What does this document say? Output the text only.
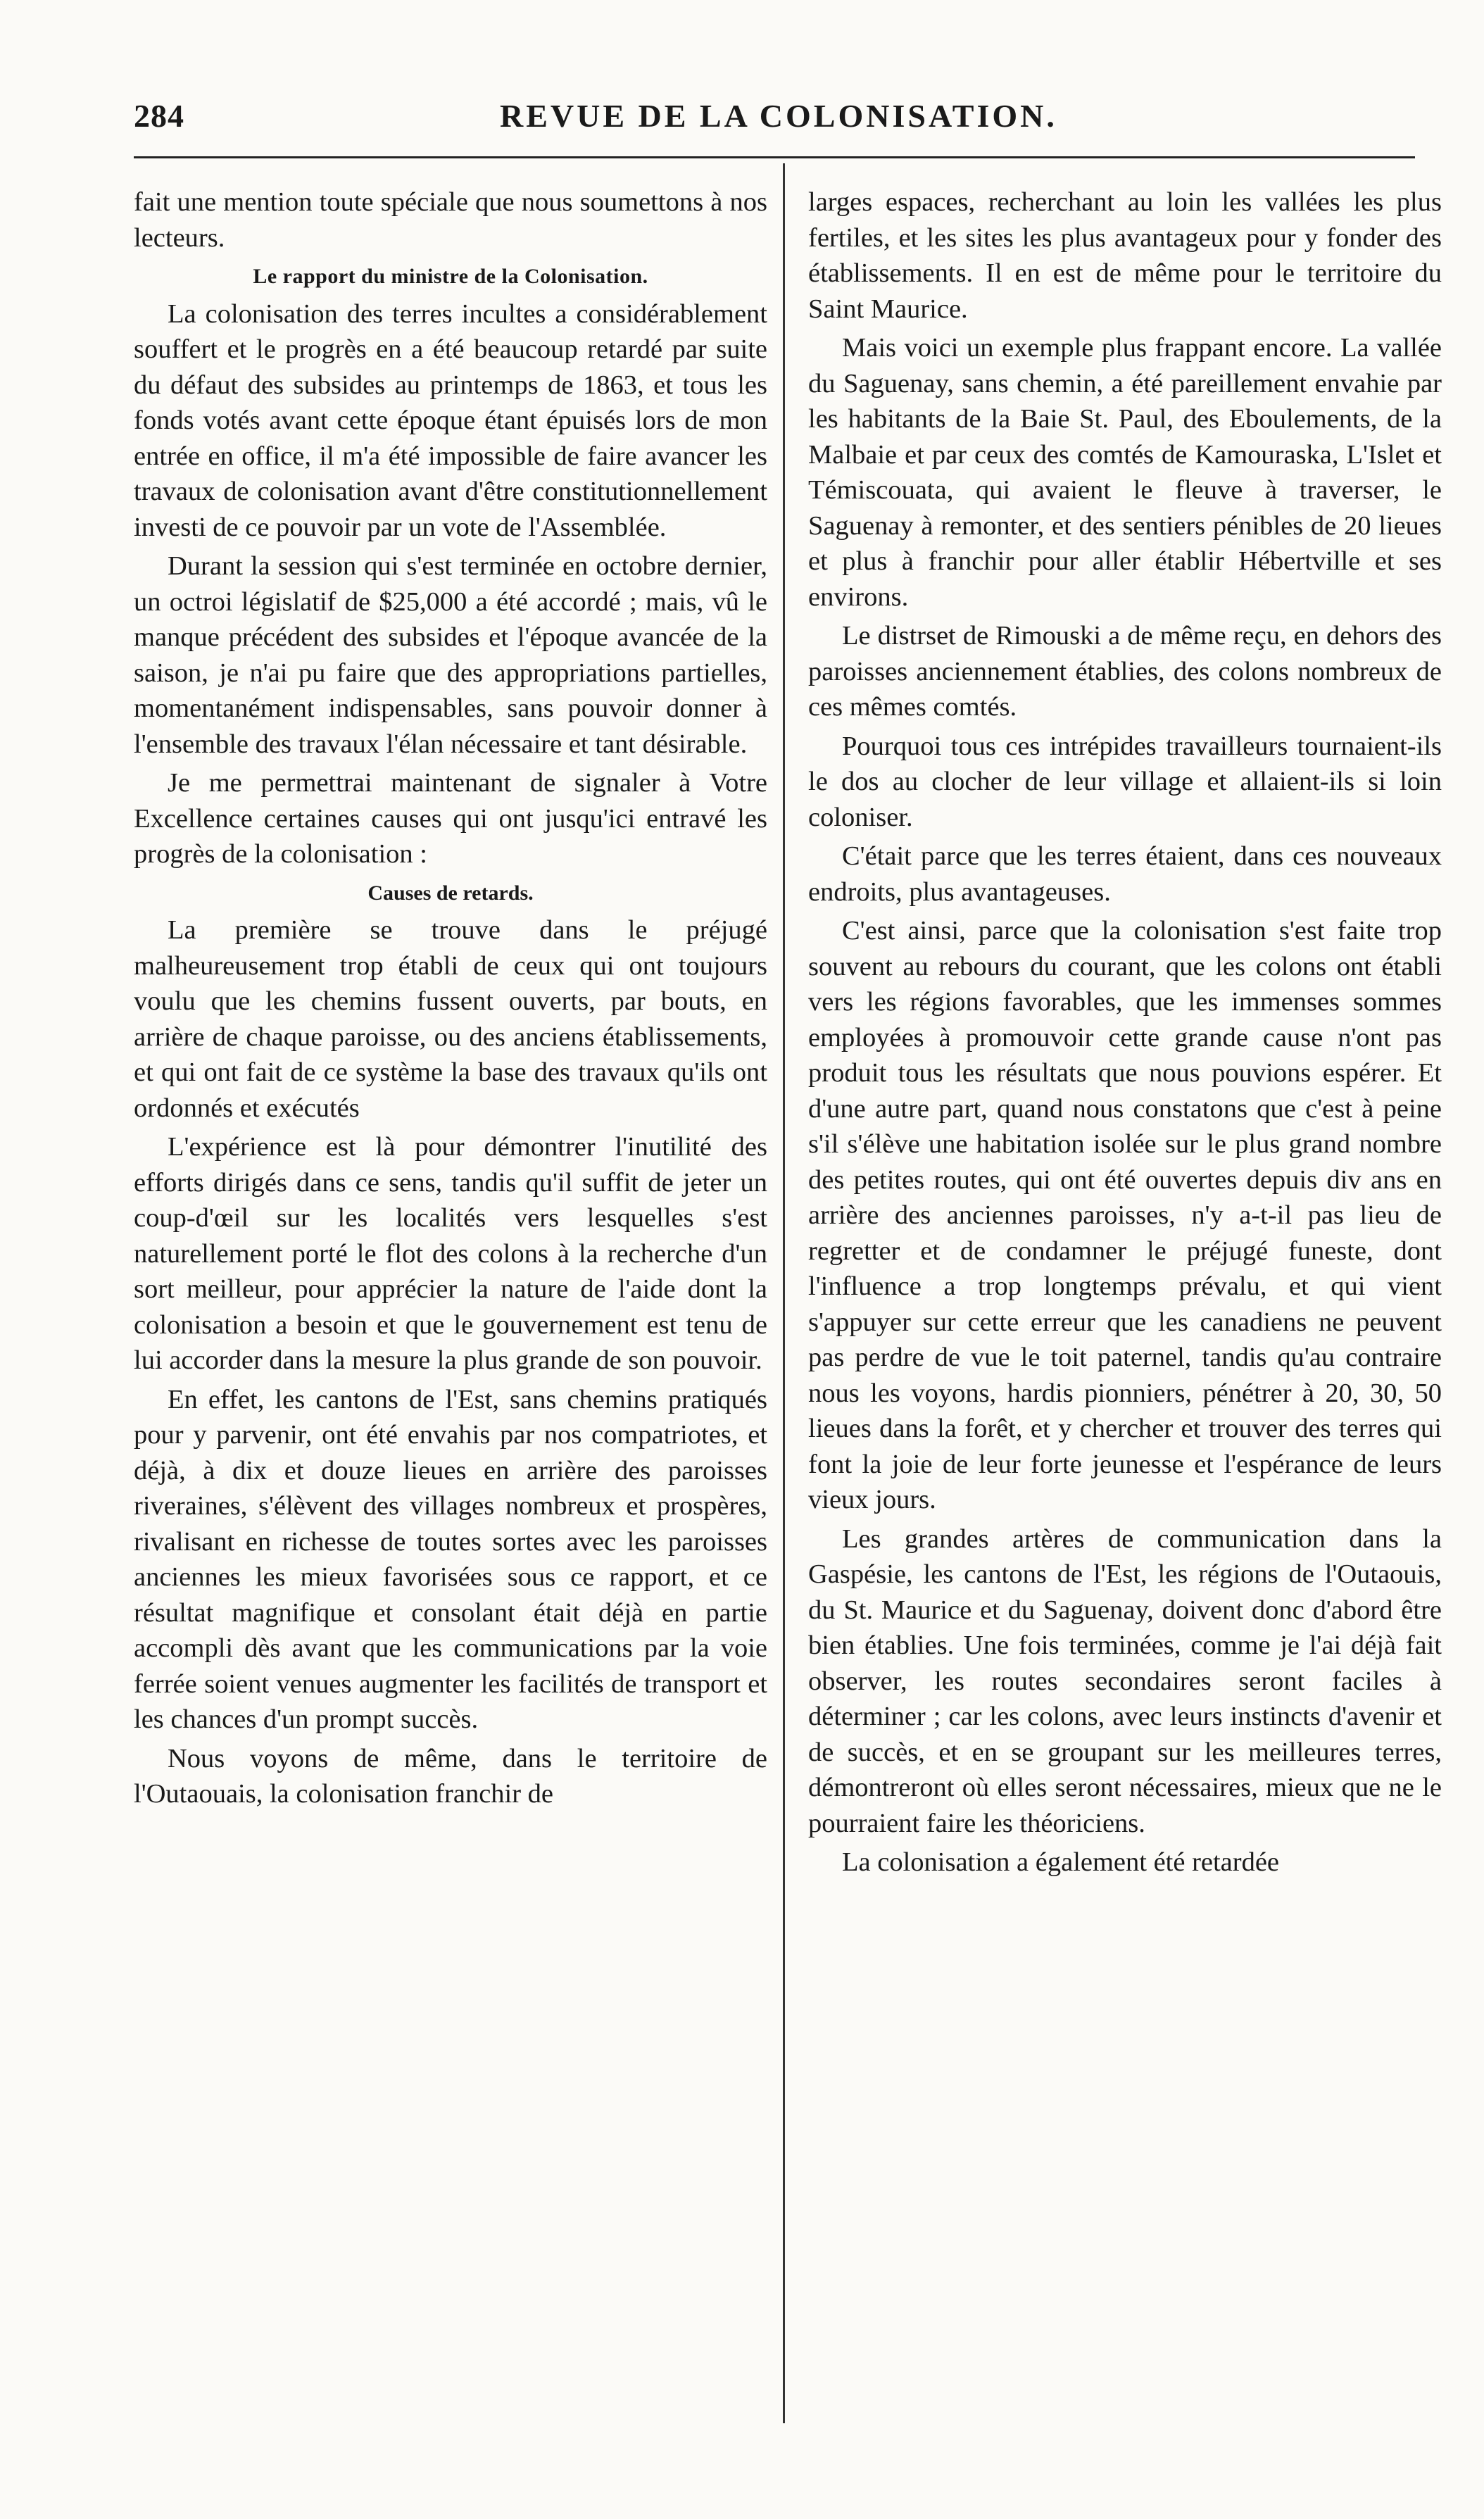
284	REVUE DE LA COLONISATION.

fait une mention toute spéciale que nous soumettons à nos lecteurs.

Le rapport du ministre de la Colonisation.

La colonisation des terres incultes a considérablement souffert et le progrès en a été beaucoup retardé par suite du défaut des subsides au printemps de 1863, et tous les fonds votés avant cette époque étant épuisés lors de mon entrée en office, il m'a été impossible de faire avancer les travaux de colonisation avant d'être constitutionnellement investi de ce pouvoir par un vote de l'Assemblée.

Durant la session qui s'est terminée en octobre dernier, un octroi législatif de $25,000 a été accordé ; mais, vû le manque précédent des subsides et l'époque avancée de la saison, je n'ai pu faire que des appropriations partielles, momentanément indispensables, sans pouvoir donner à l'ensemble des travaux l'élan nécessaire et tant désirable.

Je me permettrai maintenant de signaler à Votre Excellence certaines causes qui ont jusqu'ici entravé les progrès de la colonisation :

Causes de retards.

La première se trouve dans le préjugé malheureusement trop établi de ceux qui ont toujours voulu que les chemins fussent ouverts, par bouts, en arrière de chaque paroisse, ou des anciens établissements, et qui ont fait de ce système la base des travaux qu'ils ont ordonnés et exécutés

L'expérience est là pour démontrer l'inutilité des efforts dirigés dans ce sens, tandis qu'il suffit de jeter un coup-d'œil sur les localités vers lesquelles s'est naturellement porté le flot des colons à la recherche d'un sort meilleur, pour apprécier la nature de l'aide dont la colonisation a besoin et que le gouvernement est tenu de lui accorder dans la mesure la plus grande de son pouvoir.

En effet, les cantons de l'Est, sans chemins pratiqués pour y parvenir, ont été envahis par nos compatriotes, et déjà, à dix et douze lieues en arrière des paroisses riveraines, s'élèvent des villages nombreux et prospères, rivalisant en richesse de toutes sortes avec les paroisses anciennes les mieux favorisées sous ce rapport, et ce résultat magnifique et consolant était déjà en partie accompli dès avant que les communications par la voie ferrée soient venues augmenter les facilités de transport et les chances d'un prompt succès.

Nous voyons de même, dans le territoire de l'Outaouais, la colonisation franchir de

larges espaces, recherchant au loin les vallées les plus fertiles, et les sites les plus avantageux pour y fonder des établissements. Il en est de même pour le territoire du Saint Maurice.

Mais voici un exemple plus frappant encore. La vallée du Saguenay, sans chemin, a été pareillement envahie par les habitants de la Baie St. Paul, des Eboulements, de la Malbaie et par ceux des comtés de Kamouraska, L'Islet et Témiscouata, qui avaient le fleuve à traverser, le Saguenay à remonter, et des sentiers pénibles de 20 lieues et plus à franchir pour aller établir Hébertville et ses environs.

Le distrset de Rimouski a de même reçu, en dehors des paroisses anciennement établies, des colons nombreux de ces mêmes comtés.

Pourquoi tous ces intrépides travailleurs tournaient-ils le dos au clocher de leur village et allaient-ils si loin coloniser.

C'était parce que les terres étaient, dans ces nouveaux endroits, plus avantageuses.

C'est ainsi, parce que la colonisation s'est faite trop souvent au rebours du courant, que les colons ont établi vers les régions favorables, que les immenses sommes employées à promouvoir cette grande cause n'ont pas produit tous les résultats que nous pouvions espérer. Et d'une autre part, quand nous constatons que c'est à peine s'il s'élève une habitation isolée sur le plus grand nombre des petites routes, qui ont été ouvertes depuis div ans en arrière des anciennes paroisses, n'y a-t-il pas lieu de regretter et de condamner le préjugé funeste, dont l'influence a trop longtemps prévalu, et qui vient s'appuyer sur cette erreur que les canadiens ne peuvent pas perdre de vue le toit paternel, tandis qu'au contraire nous les voyons, hardis pionniers, pénétrer à 20, 30, 50 lieues dans la forêt, et y chercher et trouver des terres qui font la joie de leur forte jeunesse et l'espérance de leurs vieux jours.

Les grandes artères de communication dans la Gaspésie, les cantons de l'Est, les régions de l'Outaouis, du St. Maurice et du Saguenay, doivent donc d'abord être bien établies. Une fois terminées, comme je l'ai déjà fait observer, les routes secondaires seront faciles à déterminer ; car les colons, avec leurs instincts d'avenir et de succès, et en se groupant sur les meilleures terres, démontreront où elles seront nécessaires, mieux que ne le pourraient faire les théoriciens.

La colonisation a également été retardée
